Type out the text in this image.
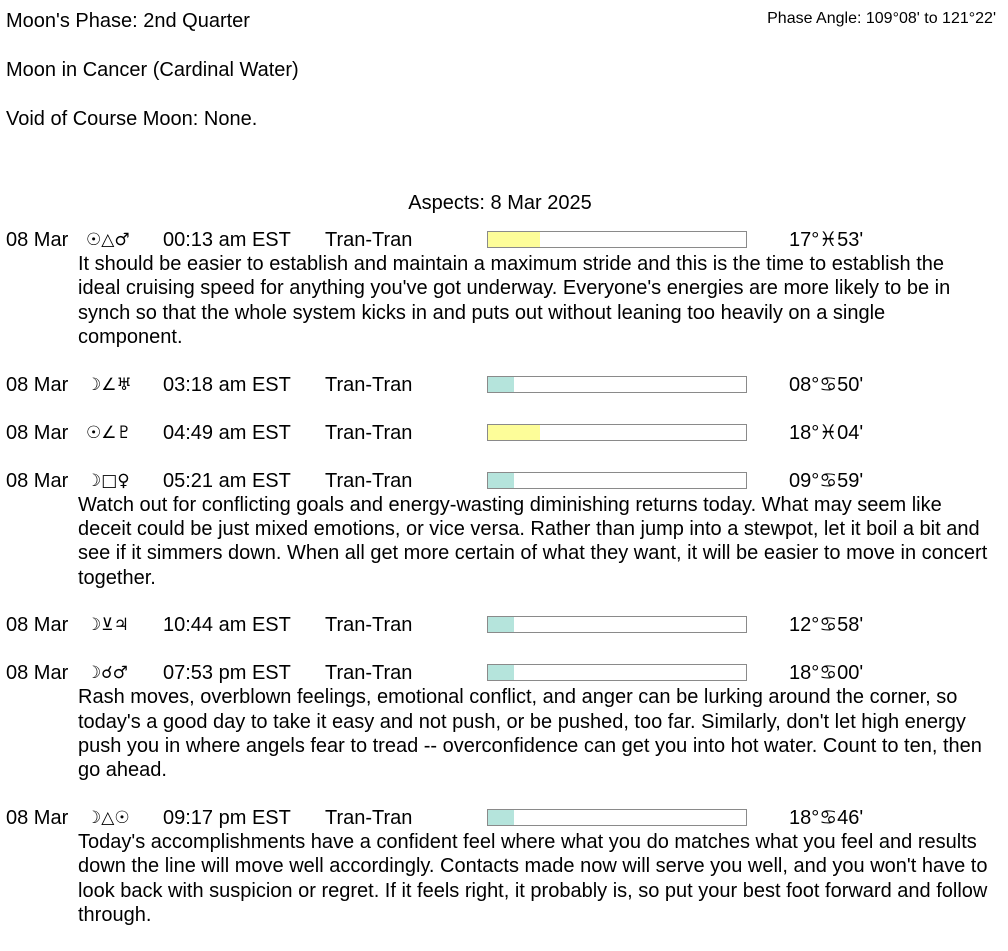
Moon's Phase: 2nd Quarter
Moon in Cancer (Cardinal Water)
Void of Course Moon: None.
Phase Angle: 109°08' to 121°22'
Aspects: 8 Mar 2025
08 Mar ☉△♂ 00:13 am EST Tran-Tran	17°♓53'
It should be easier to establish and maintain a maximum stride and this is the time to establish the ideal cruising speed for anything you've got underway. Everyone's energies are more likely to be in synch so that the whole system kicks in and puts out without leaning too heavily on a single component.
08 Mar ☽∠♅ 03:18 am EST Tran-Tran	08°♋50'
08 Mar ☉∠♇ 04:49 am EST Tran-Tran	18°♓04'
08 Mar ☽□♀ 05:21 am EST Tran-Tran	09°♋59'
Watch out for conflicting goals and energy-wasting diminishing returns today. What may seem like deceit could be just mixed emotions, or vice versa. Rather than jump into a stewpot, let it boil a bit and see if it simmers down. When all get more certain of what they want, it will be easier to move in concert together.
08 Mar ☽⊻♃ 10:44 am EST Tran-Tran	12°♋58'
08 Mar ☽☌♂ 07:53 pm EST Tran-Tran	18°♋00'
Rash moves, overblown feelings, emotional conflict, and anger can be lurking around the corner, so today's a good day to take it easy and not push, or be pushed, too far. Similarly, don't let high energy push you in where angels fear to tread -- overconfidence can get you into hot water. Count to ten, then go ahead.
08 Mar ☽△☉ 09:17 pm EST Tran-Tran	18°♋46'
Today's accomplishments have a confident feel where what you do matches what you feel and results down the line will move well accordingly. Contacts made now will serve you well, and you won't have to look back with suspicion or regret. If it feels right, it probably is, so put your best foot forward and follow through.
